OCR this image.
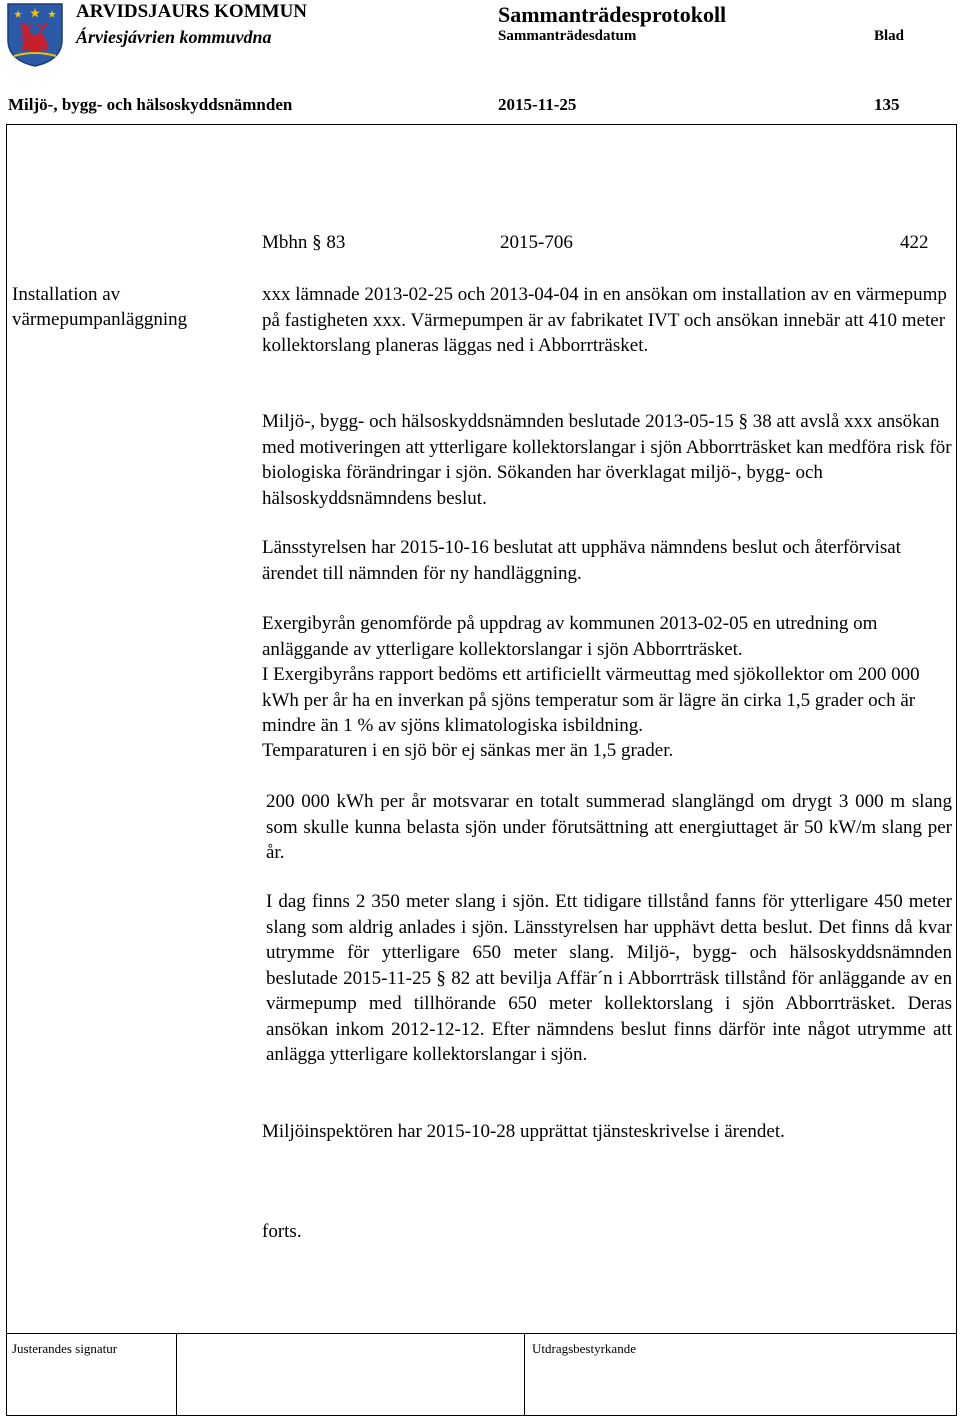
ARVIDSJAURS KOMMUN
Árviesjávrien kommuvdna
Sammanträdesprotokoll
Sammanträdesdatum	Blad
Miljö-, bygg- och hälsoskyddsnämnden	2015-11-25	135
Mbhn § 83	2015-706	422
Installation av värmepumpanläggning

xxx lämnade 2013-02-25 och 2013-04-04 in en ansökan om installation av en värmepump på fastigheten xxx. Värmepumpen är av fabrikatet IVT och ansökan innebär att 410 meter kollektorslang planeras läggas ned i Abborrträsket.

Miljö-, bygg- och hälsoskyddsnämnden beslutade 2013-05-15 § 38 att avslå xxx ansökan med motiveringen att ytterligare kollektorslangar i sjön Abborrträsket kan medföra risk för biologiska förändringar i sjön. Sökanden har överklagat miljö-, bygg- och hälsoskyddsnämndens beslut.

Länsstyrelsen har 2015-10-16 beslutat att upphäva nämndens beslut och återförvisat ärendet till nämnden för ny handläggning.

Exergibyrån genomförde på uppdrag av kommunen 2013-02-05 en utredning om anläggande av ytterligare kollektorslangar i sjön Abborrträsket.

I Exergibyråns rapport bedöms ett artificiellt värmeuttag med sjökollektor om 200 000 kWh per år ha en inverkan på sjöns temperatur som är lägre än cirka 1,5 grader och är mindre än 1 % av sjöns klimatologiska isbildning.

Temparaturen i en sjö bör ej sänkas mer än 1,5 grader.

200 000 kWh per år motsvarar en totalt summerad slanglängd om drygt 3 000 m slang som skulle kunna belasta sjön under förutsättning att energiuttaget är 50 kW/m slang per år.

I dag finns 2 350 meter slang i sjön. Ett tidigare tillstånd fanns för ytterligare 450 meter slang som aldrig anlades i sjön. Länsstyrelsen har upphävt detta beslut. Det finns då kvar utrymme för ytterligare 650 meter slang. Miljö-, bygg- och hälsoskyddsnämnden beslutade 2015-11-25 § 82 att bevilja Affär´n i Abborrträsk tillstånd för anläggande av en värmepump med tillhörande 650 meter kollektorslang i sjön Abborrträsket. Deras ansökan inkom 2012-12-12. Efter nämndens beslut finns därför inte något utrymme att anlägga ytterligare kollektorslangar i sjön.

Miljöinspektören har 2015-10-28 upprättat tjänsteskrivelse i ärendet.

forts.
Justerandes signatur	Utdragsbestyrkande
